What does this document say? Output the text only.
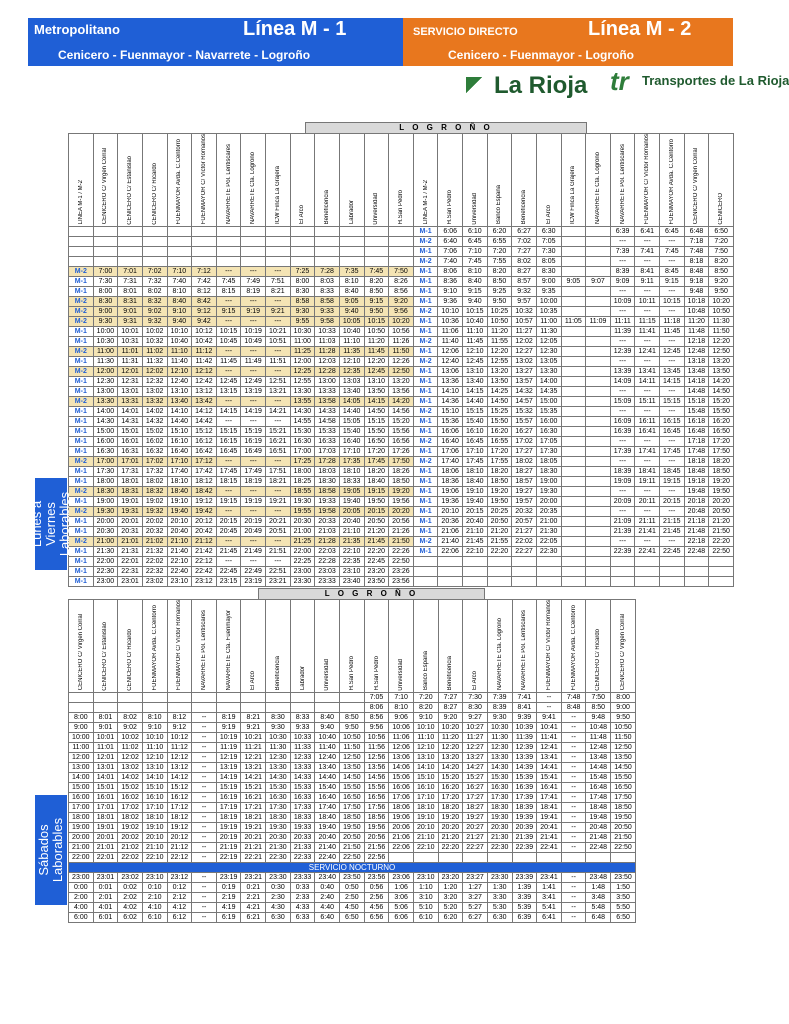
Metropolitano	Línea M - 1
Cenicero - Fuenmayor - Navarrete - Logroño
SERVICIO DIRECTO	Línea M - 2
Cenicero - Fuenmayor - Logroño
La Rioja tr Transportes de La Rioja
L O G R O Ñ O
LINEA M-1 / M-2	CENICERO C/ Virgen Corral	CENICERO C/ Estanislao	CENICERO C/ Ricardo	FUENMAYOR Avda. C.Centorro	FUENMAYOR C/ Víctor Romanos	NAVARRETE Pol. Lentiscares	NAVARRETE Cta. Logroño	ICW Finca La Grajera	El Arco	Beneficencia	Labrador	Universidad	H.San Pedro	LINEA M-1 / M-2	H.San Pedro	Universidad	Banco España	Beneficencia	El Arco	ICW Finca La Grajera	NAVARRETE Cta. Logroño	NAVARRETE Pol. Lentiscares	FUENMAYOR C/ Víctor Romanos	FUENMAYOR Avda. C.Centorro	CENICERO C/ Virgen Corral	CENICERO
														M-1	6:06	6:10	6:20	6:27	6:30			6:39	6:41	6:45	6:48	6:50
														M-2	6:40	6:45	6:55	7:02	7:05			---	---	---	7:18	7:20
														M-1	7:06	7:10	7:20	7:27	7:30			7:39	7:41	7:45	7:48	7:50
														M-2	7:40	7:45	7:55	8:02	8:05			---	---	---	8:18	8:20
M-2	7:00	7:01	7:02	7:10	7:12	---	---	---	7:25	7:28	7:35	7:45	7:50	M-1	8:06	8:10	8:20	8:27	8:30			8:39	8:41	8:45	8:48	8:50
M-1	7:30	7:31	7:32	7:40	7:42	7:45	7:49	7:51	8:00	8:03	8:10	8:20	8:26	M-1	8:36	8:40	8:50	8:57	9:00	9:05	9:07	9:09	9:11	9:15	9:18	9:20
M-1	8:00	8:01	8:02	8:10	8:12	8:15	8:19	8:21	8:30	8:33	8:40	8:50	8:56	M-1	9:10	9:15	9:25	9:32	9:35			---	---	---	9:48	9:50
M-2	8:30	8:31	8:32	8:40	8:42	---	---	---	8:58	8:58	9:05	9:15	9:20	M-1	9:36	9:40	9:50	9:57	10:00			10:09	10:11	10:15	10:18	10:20
M-2	9:00	9:01	9:02	9:10	9:12	9:15	9:19	9:21	9:30	9:33	9:40	9:50	9:56	M-2	10:10	10:15	10:25	10:32	10:35			---	---	---	10:48	10:50
M-2	9:30	9:31	9:32	9:40	9:42	---	---	---	9:55	9:58	10:05	10:15	10:20	M-1	10:36	10:40	10:50	10:57	11:00	11:05	11:09	11:11	11:15	11:18	11:20	11:30
M-1	10:00	10:01	10:02	10:10	10:12	10:15	10:19	10:21	10:30	10:33	10:40	10:50	10:56	M-1	11:06	11:10	11:20	11:27	11:30			11:39	11:41	11:45	11:48	11:50
M-1	10:30	10:31	10:32	10:40	10:42	10:45	10:49	10:51	11:00	11:03	11:10	11:20	11:26	M-2	11:40	11:45	11:55	12:02	12:05			---	---	---	12:18	12:20
M-2	11:00	11:01	11:02	11:10	11:12	---	---	---	11:25	11:28	11:35	11:45	11:50	M-1	12:06	12:10	12:20	12:27	12:30			12:39	12:41	12:45	12:48	12:50
M-1	11:30	11:31	11:32	11:40	11:42	11:45	11:49	11:51	12:00	12:03	12:10	12:20	12:26	M-2	12:40	12:45	12:55	13:02	13:05			---	---	---	13:18	13:20
M-2	12:00	12:01	12:02	12:10	12:12	---	---	---	12:25	12:28	12:35	12:45	12:50	M-1	13:06	13:10	13:20	13:27	13:30			13:39	13:41	13:45	13:48	13:50
M-1	12:30	12:31	12:32	12:40	12:42	12:45	12:49	12:51	12:55	13:00	13:03	13:10	13:20	M-1	13:36	13:40	13:50	13:57	14:00			14:09	14:11	14:15	14:18	14:20
M-1	13:00	13:01	13:02	13:10	13:12	13:15	13:19	13:21	13:30	13:33	13:40	13:50	13:56	M-1	14:10	14:15	14:25	14:32	14:35			---	---	---	14:48	14:50
M-2	13:30	13:31	13:32	13:40	13:42	---	---	---	13:55	13:58	14:05	14:15	14:20	M-1	14:36	14:40	14:50	14:57	15:00			15:09	15:11	15:15	15:18	15:20
M-1	14:00	14:01	14:02	14:10	14:12	14:15	14:19	14:21	14:30	14:33	14:40	14:50	14:56	M-2	15:10	15:15	15:25	15:32	15:35			---	---	---	15:48	15:50
M-1	14:30	14:31	14:32	14:40	14:42	---	---	---	14:55	14:58	15:05	15:15	15:20	M-1	15:36	15:40	15:50	15:57	16:00			16:09	16:11	16:15	16:18	16:20
M-1	15:00	15:01	15:02	15:10	15:12	15:15	15:19	15:21	15:30	15:33	15:40	15:50	15:56	M-1	16:06	16:10	16:20	16:27	16:30			16:39	16:41	16:45	16:48	16:50
M-1	16:00	16:01	16:02	16:10	16:12	16:15	16:19	16:21	16:30	16:33	16:40	16:50	16:56	M-2	16:40	16:45	16:55	17:02	17:05			---	---	---	17:18	17:20
M-1	16:30	16:31	16:32	16:40	16:42	16:45	16:49	16:51	17:00	17:03	17:10	17:20	17:26	M-1	17:06	17:10	17:20	17:27	17:30			17:39	17:41	17:45	17:48	17:50
M-2	17:00	17:01	17:02	17:10	17:12	---	---	---	17:25	17:28	17:35	17:45	17:50	M-2	17:40	17:45	17:55	18:02	18:05			---	---	---	18:18	18:20
M-1	17:30	17:31	17:32	17:40	17:42	17:45	17:49	17:51	18:00	18:03	18:10	18:20	18:26	M-1	18:06	18:10	18:20	18:27	18:30			18:39	18:41	18:45	18:48	18:50
M-1	18:00	18:01	18:02	18:10	18:12	18:15	18:19	18:21	18:25	18:30	18:33	18:40	18:50	M-1	18:36	18:40	18:50	18:57	19:00			19:09	19:11	19:15	19:18	19:20
M-2	18:30	18:31	18:32	18:40	18:42	---	---	---	18:55	18:58	19:05	19:15	19:20	M-1	19:06	19:10	19:20	19:27	19:30			---	---	---	19:48	19:50
M-1	19:00	19:01	19:02	19:10	19:12	19:15	19:19	19:21	19:30	19:33	19:40	19:50	19:56	M-1	19:36	19:40	19:50	19:57	20:00			20:09	20:11	20:15	20:18	20:20
M-2	19:30	19:31	19:32	19:40	19:42	---	---	---	19:55	19:58	20:05	20:15	20:20	M-1	20:10	20:15	20:25	20:32	20:35			---	---	---	20:48	20:50
M-1	20:00	20:01	20:02	20:10	20:12	20:15	20:19	20:21	20:30	20:33	20:40	20:50	20:56	M-1	20:36	20:40	20:50	20:57	21:00			21:09	21:11	21:15	21:18	21:20
M-1	20:30	20:31	20:32	20:40	20:42	20:45	20:49	20:51	21:00	21:03	21:10	21:20	21:26	M-1	21:06	21:10	21:20	21:27	21:30			21:39	21:41	21:45	21:48	21:50
M-2	21:00	21:01	21:02	21:10	21:12	---	---	---	21:25	21:28	21:35	21:45	21:50	M-2	21:40	21:45	21:55	22:02	22:05			---	---	---	22:18	22:20
M-1	21:30	21:31	21:32	21:40	21:42	21:45	21:49	21:51	22:00	22:03	22:10	22:20	22:26	M-1	22:06	22:10	22:20	22:27	22:30			22:39	22:41	22:45	22:48	22:50
M-1	22:00	22:01	22:02	22:10	22:12	---	---	---	22:25	22:28	22:35	22:45	22:50													
M-1	22:30	22:31	22:32	22:40	22:42	22:45	22:49	22:51	23:00	23:03	23:10	23:20	23:26													
M-1	23:00	23:01	23:02	23:10	23:12	23:15	23:19	23:21	23:30	23:33	23:40	23:50	23:56													
Lunes a Viernes Laborables
L O G R O Ñ O
CENICERO C/ Virgen Corral	CENICERO C/ Estanislao	CENICERO C/ Ricardo	FUENMAYOR Avda. C.Centorro	FUENMAYOR C/ Víctor Romanos	NAVARRETE Pol. Lentiscares	NAVARRETE Cta. Fuenmayor	El Arco	Beneficencia	Labrador	Universidad	H.San Pedro	H.San Pedro	Universidad	Banco España	Beneficencia	El Arco	NAVARRETE Cta. Logroño	NAVARRETE Pol. Lentiscares	FUENMAYOR C/ Víctor Romanos	FUENMAYOR Avda. C.Centorro	CENICERO C/ Ricardo	CENICERO C/ Virgen Corral
												7:05	7:10	7:20	7:27	7:30	7:39	7:41	--	7:48	7:50	8:00
												8:06	8:10	8:20	8:27	8:30	8:39	8:41	--	8:48	8:50	9:00
8:00	8:01	8:02	8:10	8:12	--	8:19	8:21	8:30	8:33	8:40	8:50	8:56	9:06	9:10	9:20	9:27	9:30	9:39	9:41	--	9:48	9:50
9:00	9:01	9:02	9:10	9:12	--	9:19	9:21	9:30	9:33	9:40	9:50	9:56	10:06	10:10	10:20	10:27	10:30	10:39	10:41	--	10:48	10:50
10:00	10:01	10:02	10:10	10:12	--	10:19	10:21	10:30	10:33	10:40	10:50	10:56	11:06	11:10	11:20	11:27	11:30	11:39	11:41	--	11:48	11:50
11:00	11:01	11:02	11:10	11:12	--	11:19	11:21	11:30	11:33	11:40	11:50	11:56	12:06	12:10	12:20	12:27	12:30	12:39	12:41	--	12:48	12:50
12:00	12:01	12:02	12:10	12:12	--	12:19	12:21	12:30	12:33	12:40	12:50	12:56	13:06	13:10	13:20	13:27	13:30	13:39	13:41	--	13:48	13:50
13:00	13:01	13:02	13:10	13:12	--	13:19	13:21	13:30	13:33	13:40	13:50	13:56	14:06	14:10	14:20	14:27	14:30	14:39	14:41	--	14:48	14:50
14:00	14:01	14:02	14:10	14:12	--	14:19	14:21	14:30	14:33	14:40	14:50	14:56	15:06	15:10	15:20	15:27	15:30	15:39	15:41	--	15:48	15:50
15:00	15:01	15:02	15:10	15:12	--	15:19	15:21	15:30	15:33	15:40	15:50	15:56	16:06	16:10	16:20	16:27	16:30	16:39	16:41	--	16:48	16:50
16:00	16:01	16:02	16:10	16:12	--	16:19	16:21	16:30	16:33	16:40	16:50	16:56	17:06	17:10	17:20	17:27	17:30	17:39	17:41	--	17:48	17:50
17:00	17:01	17:02	17:10	17:12	--	17:19	17:21	17:30	17:33	17:40	17:50	17:56	18:06	18:10	18:20	18:27	18:30	18:39	18:41	--	18:48	18:50
18:00	18:01	18:02	18:10	18:12	--	18:19	18:21	18:30	18:33	18:40	18:50	18:56	19:06	19:10	19:20	19:27	19:30	19:39	19:41	--	19:48	19:50
19:00	19:01	19:02	19:10	19:12	--	19:19	19:21	19:30	19:33	19:40	19:50	19:56	20:06	20:10	20:20	20:27	20:30	20:39	20:41	--	20:48	20:50
20:00	20:01	20:02	20:10	20:12	--	20:19	20:21	20:30	20:33	20:40	20:50	20:56	21:06	21:10	21:20	21:27	21:30	21:39	21:41	--	21:48	21:50
21:00	21:01	21:02	21:10	21:12	--	21:19	21:21	21:30	21:33	21:40	21:50	21:56	22:06	22:10	22:20	22:27	22:30	22:39	22:41	--	22:48	22:50
22:00	22:01	22:02	22:10	22:12	--	22:19	22:21	22:30	22:33	22:40	22:50	22:56										
SERVICIO NOCTURNO																						
23:00	23:01	23:02	23:10	23:12	--	23:19	23:21	23:30	23:33	23:40	23:50	23:56	23:06	23:10	23:20	23:27	23:30	23:39	23:41	--	23:48	23:50
0:00	0:01	0:02	0:10	0:12	--	0:19	0:21	0:30	0:33	0:40	0:50	0:56	1:06	1:10	1:20	1:27	1:30	1:39	1:41	--	1:48	1:50
2:00	2:01	2:02	2:10	2:12	--	2:19	2:21	2:30	2:33	2:40	2:50	2:56	3:06	3:10	3:20	3:27	3:30	3:39	3:41	--	3:48	3:50
4:00	4:01	4:02	4:10	4:12	--	4:19	4:21	4:30	4:33	4:40	4:50	4:56	5:06	5:10	5:20	5:27	5:30	5:39	5:41	--	5:48	5:50
6:00	6:01	6:02	6:10	6:12	--	6:19	6:21	6:30	6:33	6:40	6:50	6:56	6:06	6:10	6:20	6:27	6:30	6:39	6:41	--	6:48	6:50
Sábados Laborables
